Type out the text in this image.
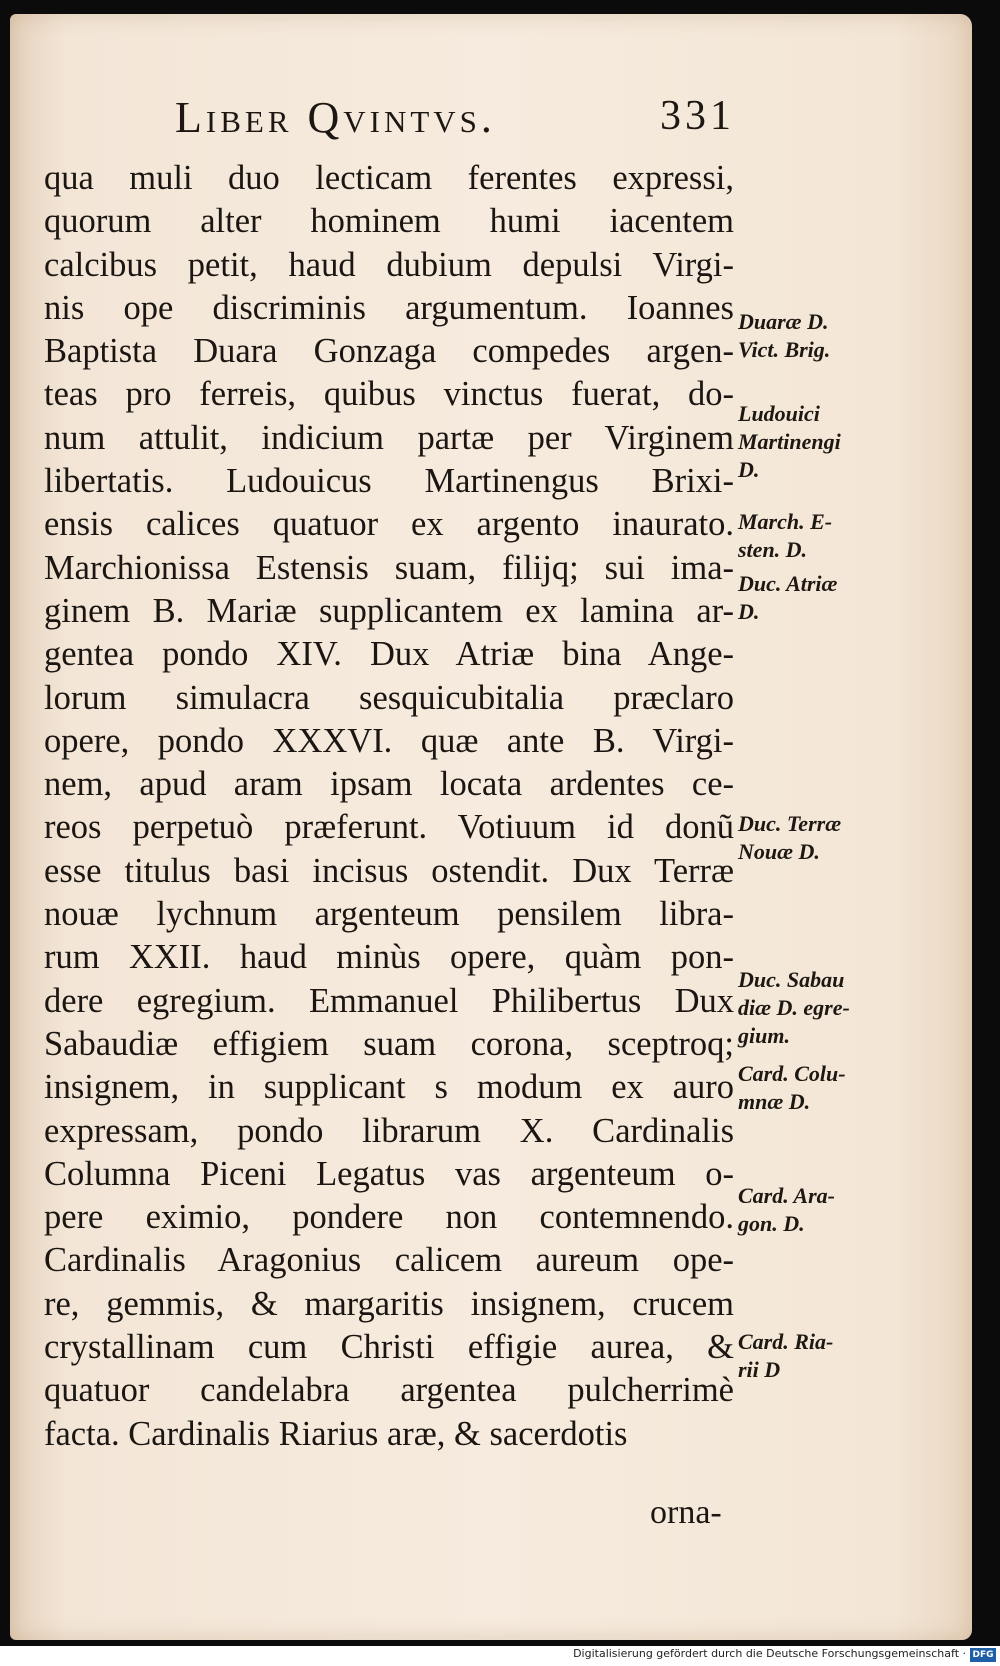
Liber Qvintvs.	331
qua muli duo lecticam ferentes expressi,
quorum alter hominem humi iacentem
calcibus petit, haud dubium depulsi Virgi-
nis ope discriminis argumentum. Ioannes
Baptista Duara Gonzaga compedes argen-
teas pro ferreis, quibus vinctus fuerat, do-
num attulit, indicium partæ per Virginem
libertatis. Ludouicus Martinengus Brixi-
ensis calices quatuor ex argento inaurato.
Marchionissa Estensis suam, filijq; sui ima-
ginem B. Mariæ supplicantem ex lamina ar-
gentea pondo XIV. Dux Atriæ bina Ange-
lorum simulacra sesquicubitalia præclaro
opere, pondo XXXVI. quæ ante B. Virgi-
nem, apud aram ipsam locata ardentes ce-
reos perpetuò præferunt. Votiuum id donũ
esse titulus basi incisus ostendit. Dux Terræ
nouæ lychnum argenteum pensilem libra-
rum XXII. haud minùs opere, quàm pon-
dere egregium. Emmanuel Philibertus Dux
Sabaudiæ effigiem suam corona, sceptroq;
insignem, in supplicant s modum ex auro
expressam, pondo librarum X. Cardinalis
Columna Piceni Legatus vas argenteum o-
pere eximio, pondere non contemnendo.
Cardinalis Aragonius calicem aureum ope-
re, gemmis, & margaritis insignem, crucem
crystallinam cum Christi effigie aurea, &
quatuor candelabra argentea pulcherrimè
facta. Cardinalis Riarius aræ, & sacerdotis
orna-
Duaræ D.
Vict. Brig.
Ludouici
Martinengi
D.
March. E-
sten. D.
Duc. Atriæ
D.
Duc. Terræ
Nouæ D.
Duc. Sabau
diæ D. egre-
gium.
Card. Colu-
mnæ D.
Card. Ara-
gon. D.
Card. Ria-
rii D
Digitalisierung gefördert durch die Deutsche Forschungsgemeinschaft · DFG
